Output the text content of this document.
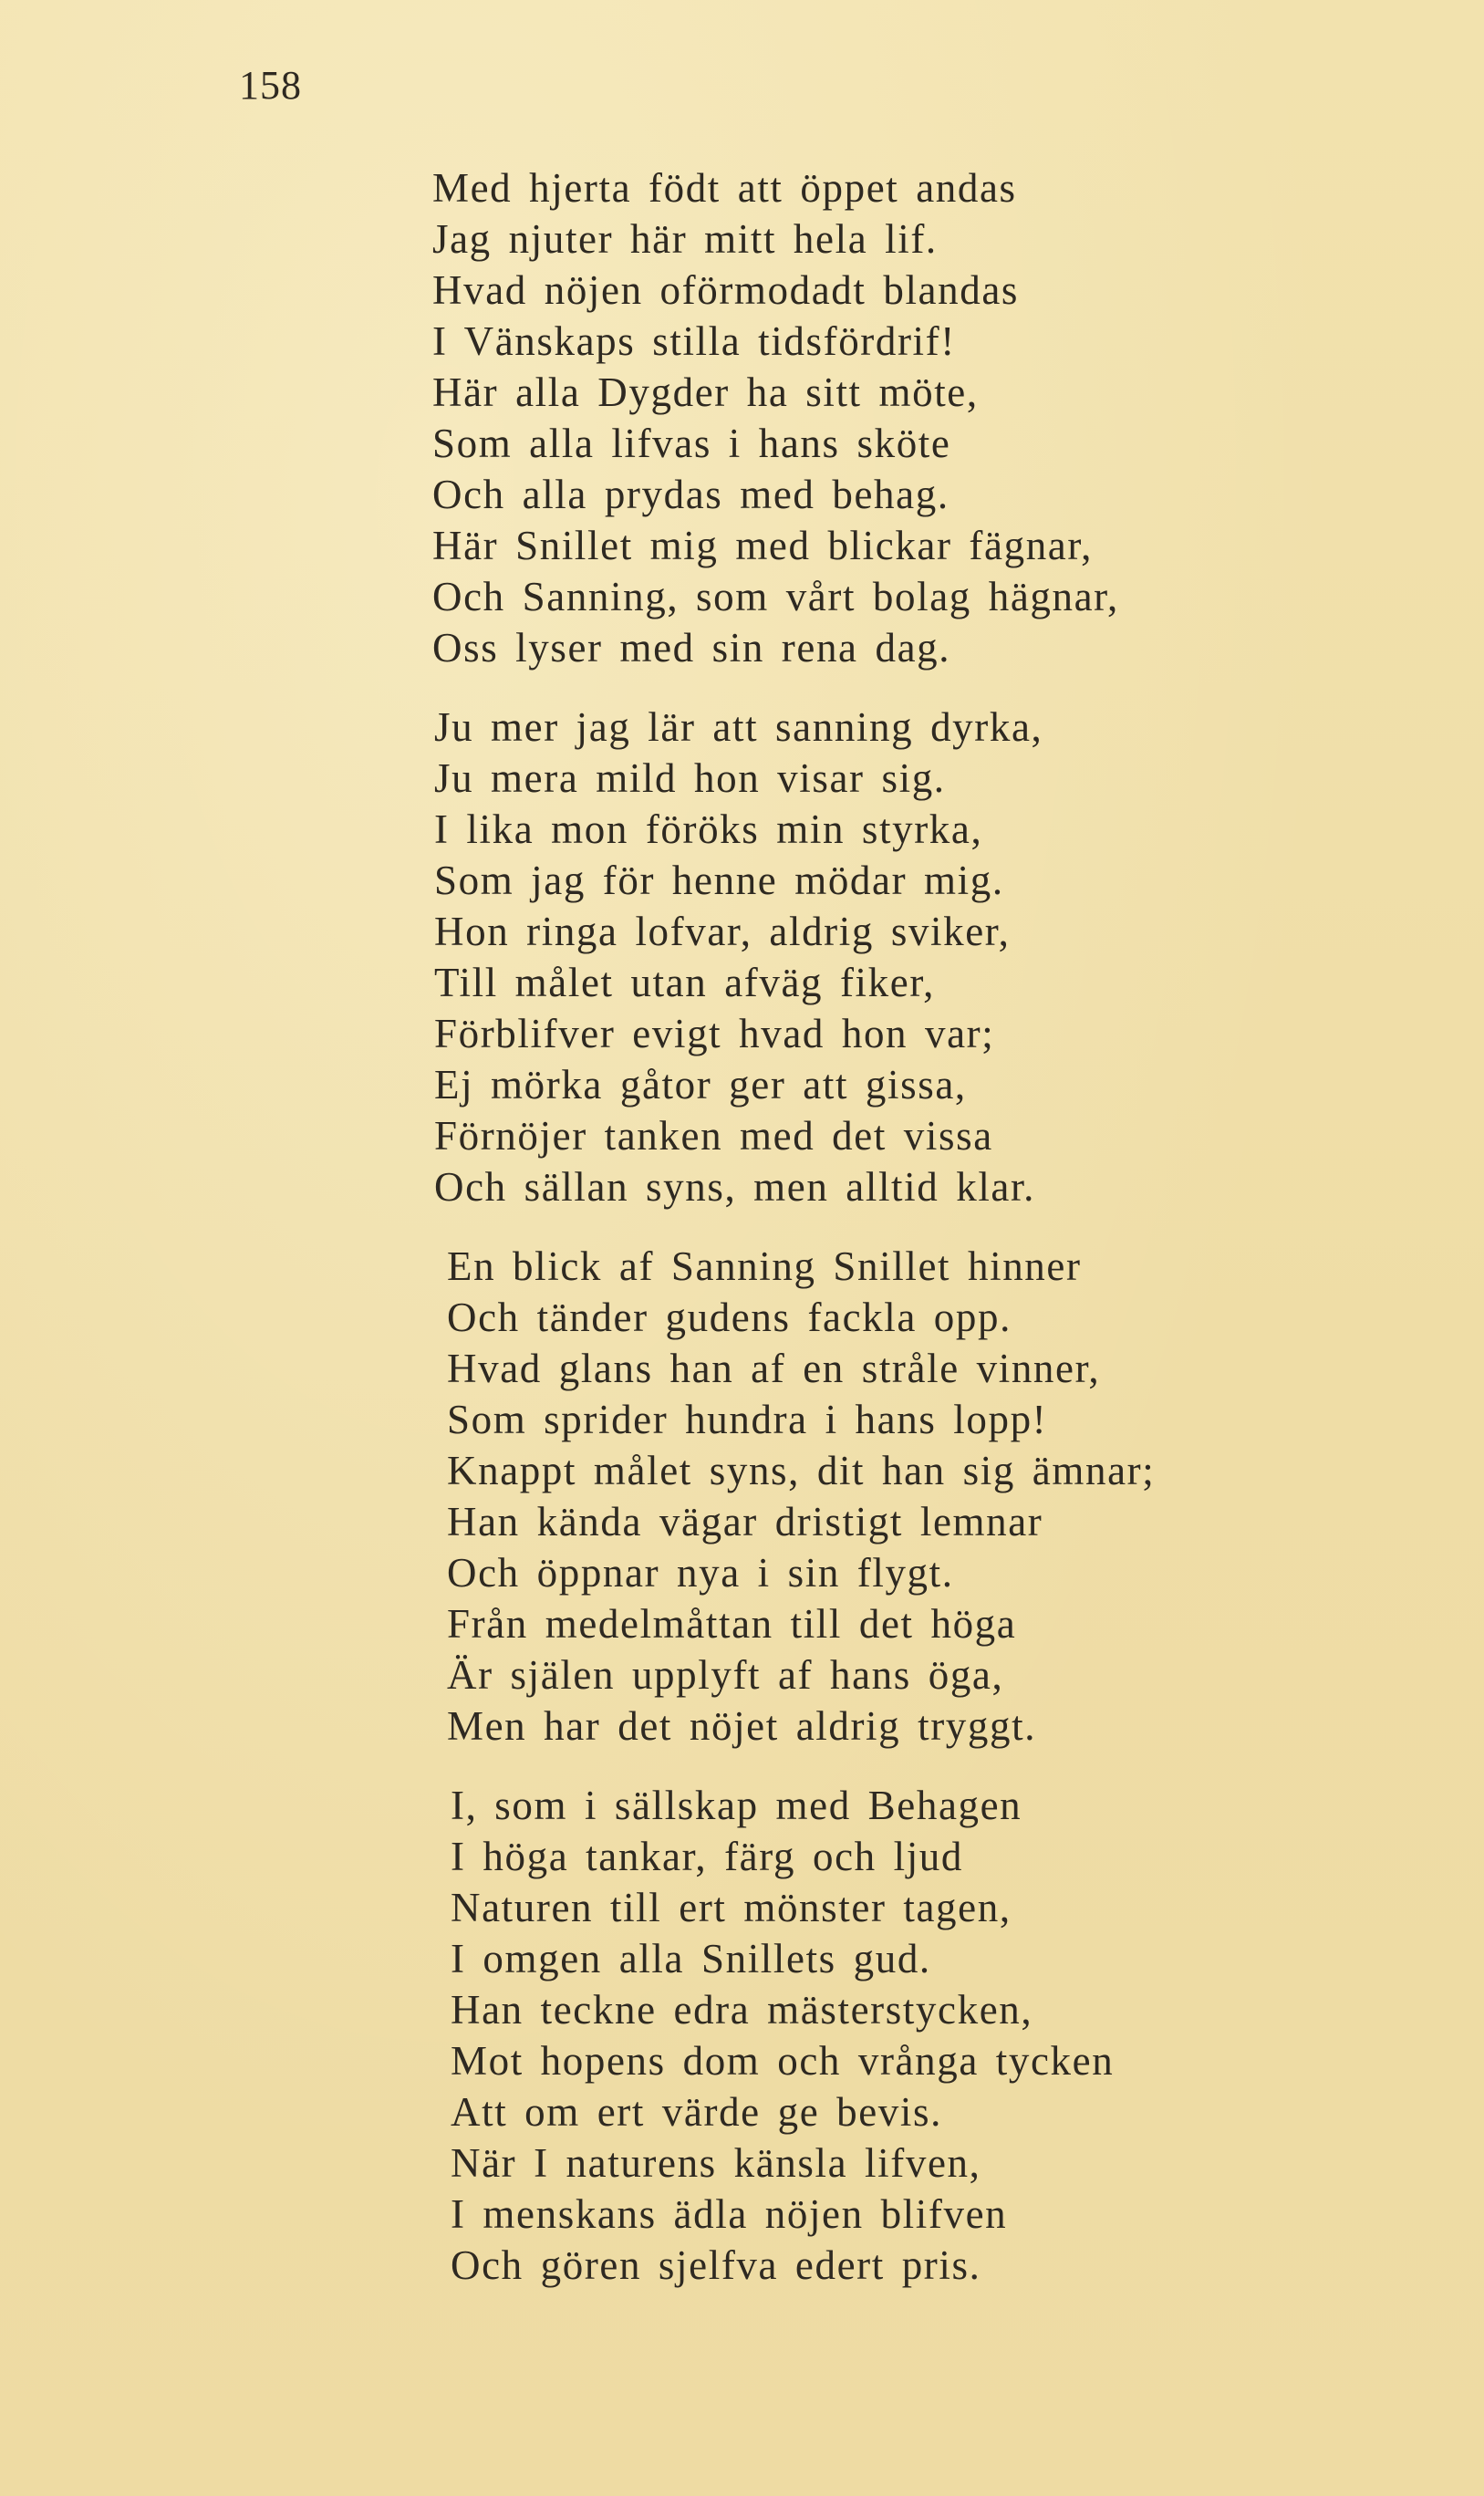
158
Med hjerta födt att öppet andas
Jag njuter här mitt hela lif.
Hvad nöjen oförmodadt blandas
I Vänskaps stilla tidsfördrif!
Här alla Dygder ha sitt möte,
Som alla lifvas i hans sköte
Och alla prydas med behag.
Här Snillet mig med blickar fägnar,
Och Sanning, som vårt bolag hägnar,
Oss lyser med sin rena dag.
Ju mer jag lär att sanning dyrka,
Ju mera mild hon visar sig.
I lika mon föröks min styrka,
Som jag för henne mödar mig.
Hon ringa lofvar, aldrig sviker,
Till målet utan afväg fiker,
Förblifver evigt hvad hon var;
Ej mörka gåtor ger att gissa,
Förnöjer tanken med det vissa
Och sällan syns, men alltid klar.
En blick af Sanning Snillet hinner
Och tänder gudens fackla opp.
Hvad glans han af en stråle vinner,
Som sprider hundra i hans lopp!
Knappt målet syns, dit han sig ämnar;
Han kända vägar dristigt lemnar
Och öppnar nya i sin flygt.
Från medelmåttan till det höga
Är själen upplyft af hans öga,
Men har det nöjet aldrig tryggt.
I, som i sällskap med Behagen
I höga tankar, färg och ljud
Naturen till ert mönster tagen,
I omgen alla Snillets gud.
Han teckne edra mästerstycken,
Mot hopens dom och vrånga tycken
Att om ert värde ge bevis.
När I naturens känsla lifven,
I menskans ädla nöjen blifven
Och gören sjelfva edert pris.
